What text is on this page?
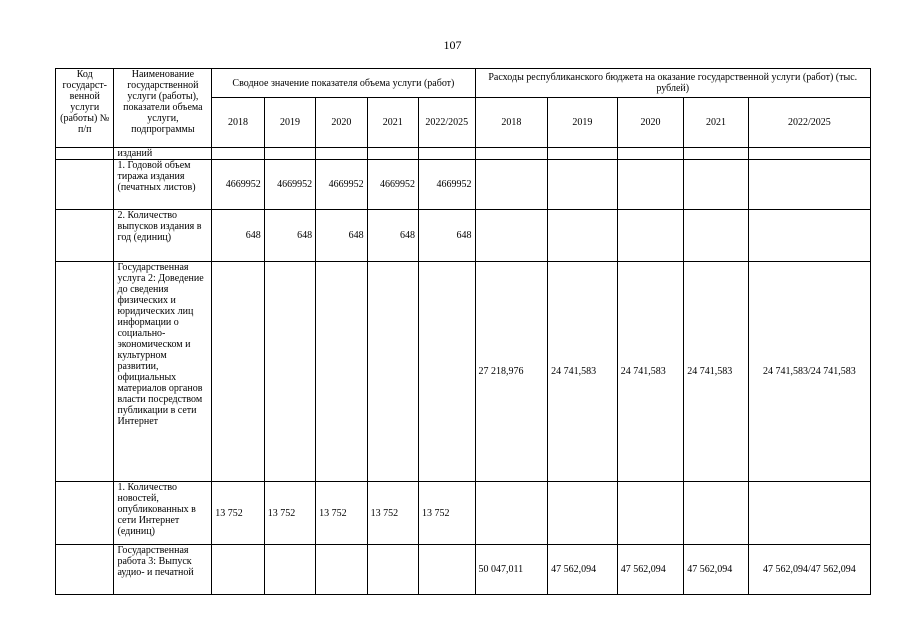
107
Код государст-венной услуги (работы) № п/п	Наименование государственной услуги (работы), показатели объема услуги, подпрограммы	Сводное значение показателя объема услуги (работ)					Расходы республиканского бюджета на оказание государственной услуги (работ) (тыс. рублей)				
		2018	2019	2020	2021	2022/2025	2018	2019	2020	2021	2022/2025
	изданий										
	1. Годовой объем тиража издания (печатных листов)	4669952	4669952	4669952	4669952	4669952					
	2. Количество выпусков издания в год (единиц)	648	648	648	648	648					
	Государственная услуга 2: Доведение до сведения физических и юридических лиц информации о социально-экономическом и культурном развитии, официальных материалов органов власти посредством публикации в сети Интернет						27 218,976	24 741,583	24 741,583	24 741,583	24 741,583/24 741,583
	1. Количество новостей, опубликованных в сети Интернет (единиц)	13 752	13 752	13 752	13 752	13 752					
	Государственная работа 3: Выпуск аудио- и печатной						50 047,011	47 562,094	47 562,094	47 562,094	47 562,094/47 562,094
